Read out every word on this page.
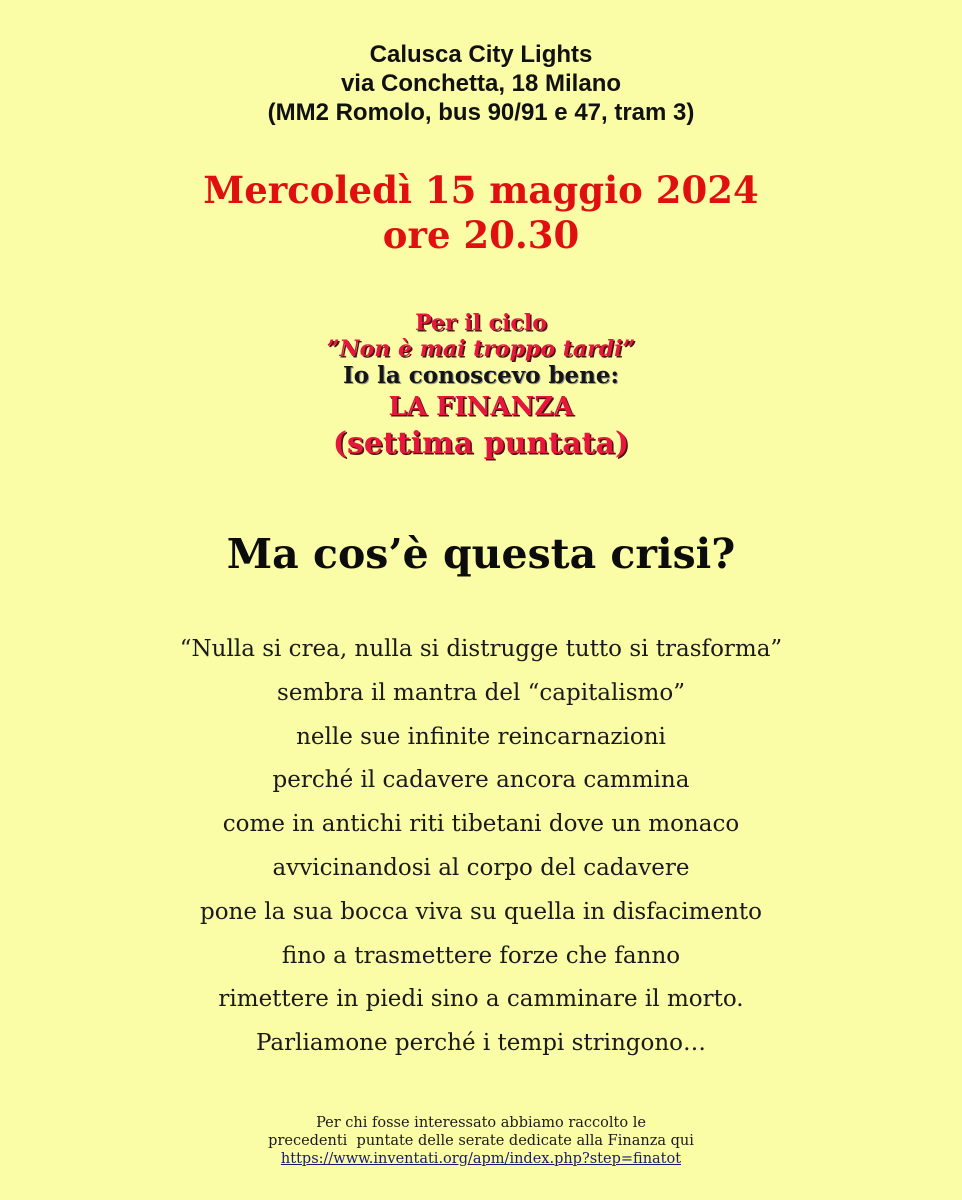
Calusca City Lights
via Conchetta, 18 Milano
(MM2 Romolo, bus 90/91 e 47, tram 3)
Mercoledì 15 maggio 2024
ore 20.30
Per il ciclo
”Non è mai troppo tardi”
Io la conoscevo bene:
LA FINANZA
(settima puntata)
Ma cos’è questa crisi?
“Nulla si crea, nulla si distrugge tutto si trasforma”
sembra il mantra del “capitalismo”
nelle sue infinite reincarnazioni
perché il cadavere ancora cammina
come in antichi riti tibetani dove un monaco
avvicinandosi al corpo del cadavere
pone la sua bocca viva su quella in disfacimento
fino a trasmettere forze che fanno
rimettere in piedi sino a camminare il morto.
Parliamone perché i tempi stringono…
Per chi fosse interessato abbiamo raccolto le
precedenti  puntate delle serate dedicate alla Finanza qui
https://www.inventati.org/apm/index.php?step=finatot
